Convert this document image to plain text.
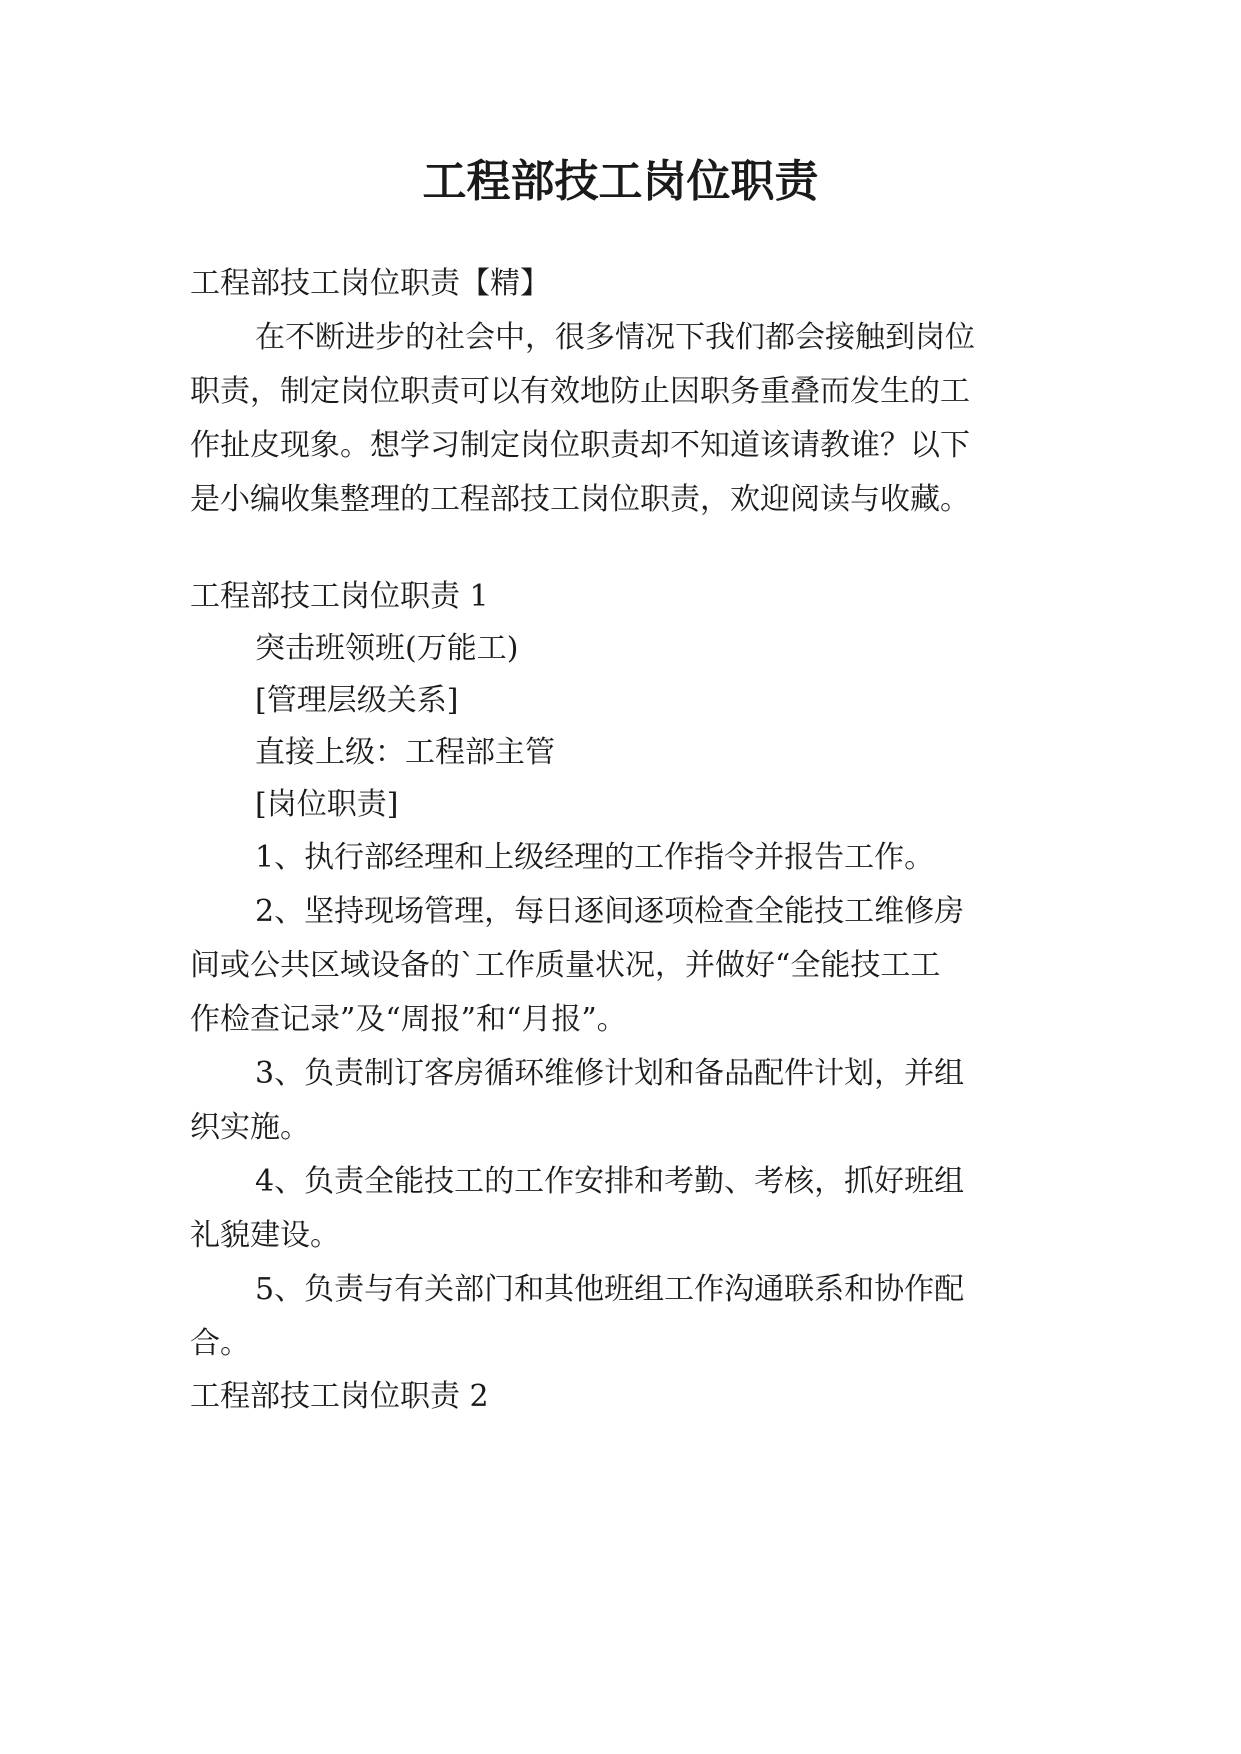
工程部技工岗位职责

工程部技工岗位职责【精】

在不断进步的社会中，很多情况下我们都会接触到岗位

职责，制定岗位职责可以有效地防止因职务重叠而发生的工

作扯皮现象。想学习制定岗位职责却不知道该请教谁？以下

是小编收集整理的工程部技工岗位职责，欢迎阅读与收藏。

工程部技工岗位职责 1

突击班领班(万能工)

[管理层级关系]

直接上级：工程部主管

[岗位职责]

1、执行部经理和上级经理的工作指令并报告工作。

2、坚持现场管理，每日逐间逐项检查全能技工维修房

间或公共区域设备的`工作质量状况，并做好“全能技工工

作检查记录”及“周报”和“月报”。

3、负责制订客房循环维修计划和备品配件计划，并组

织实施。

4、负责全能技工的工作安排和考勤、考核，抓好班组

礼貌建设。

5、负责与有关部门和其他班组工作沟通联系和协作配

合。

工程部技工岗位职责 2
